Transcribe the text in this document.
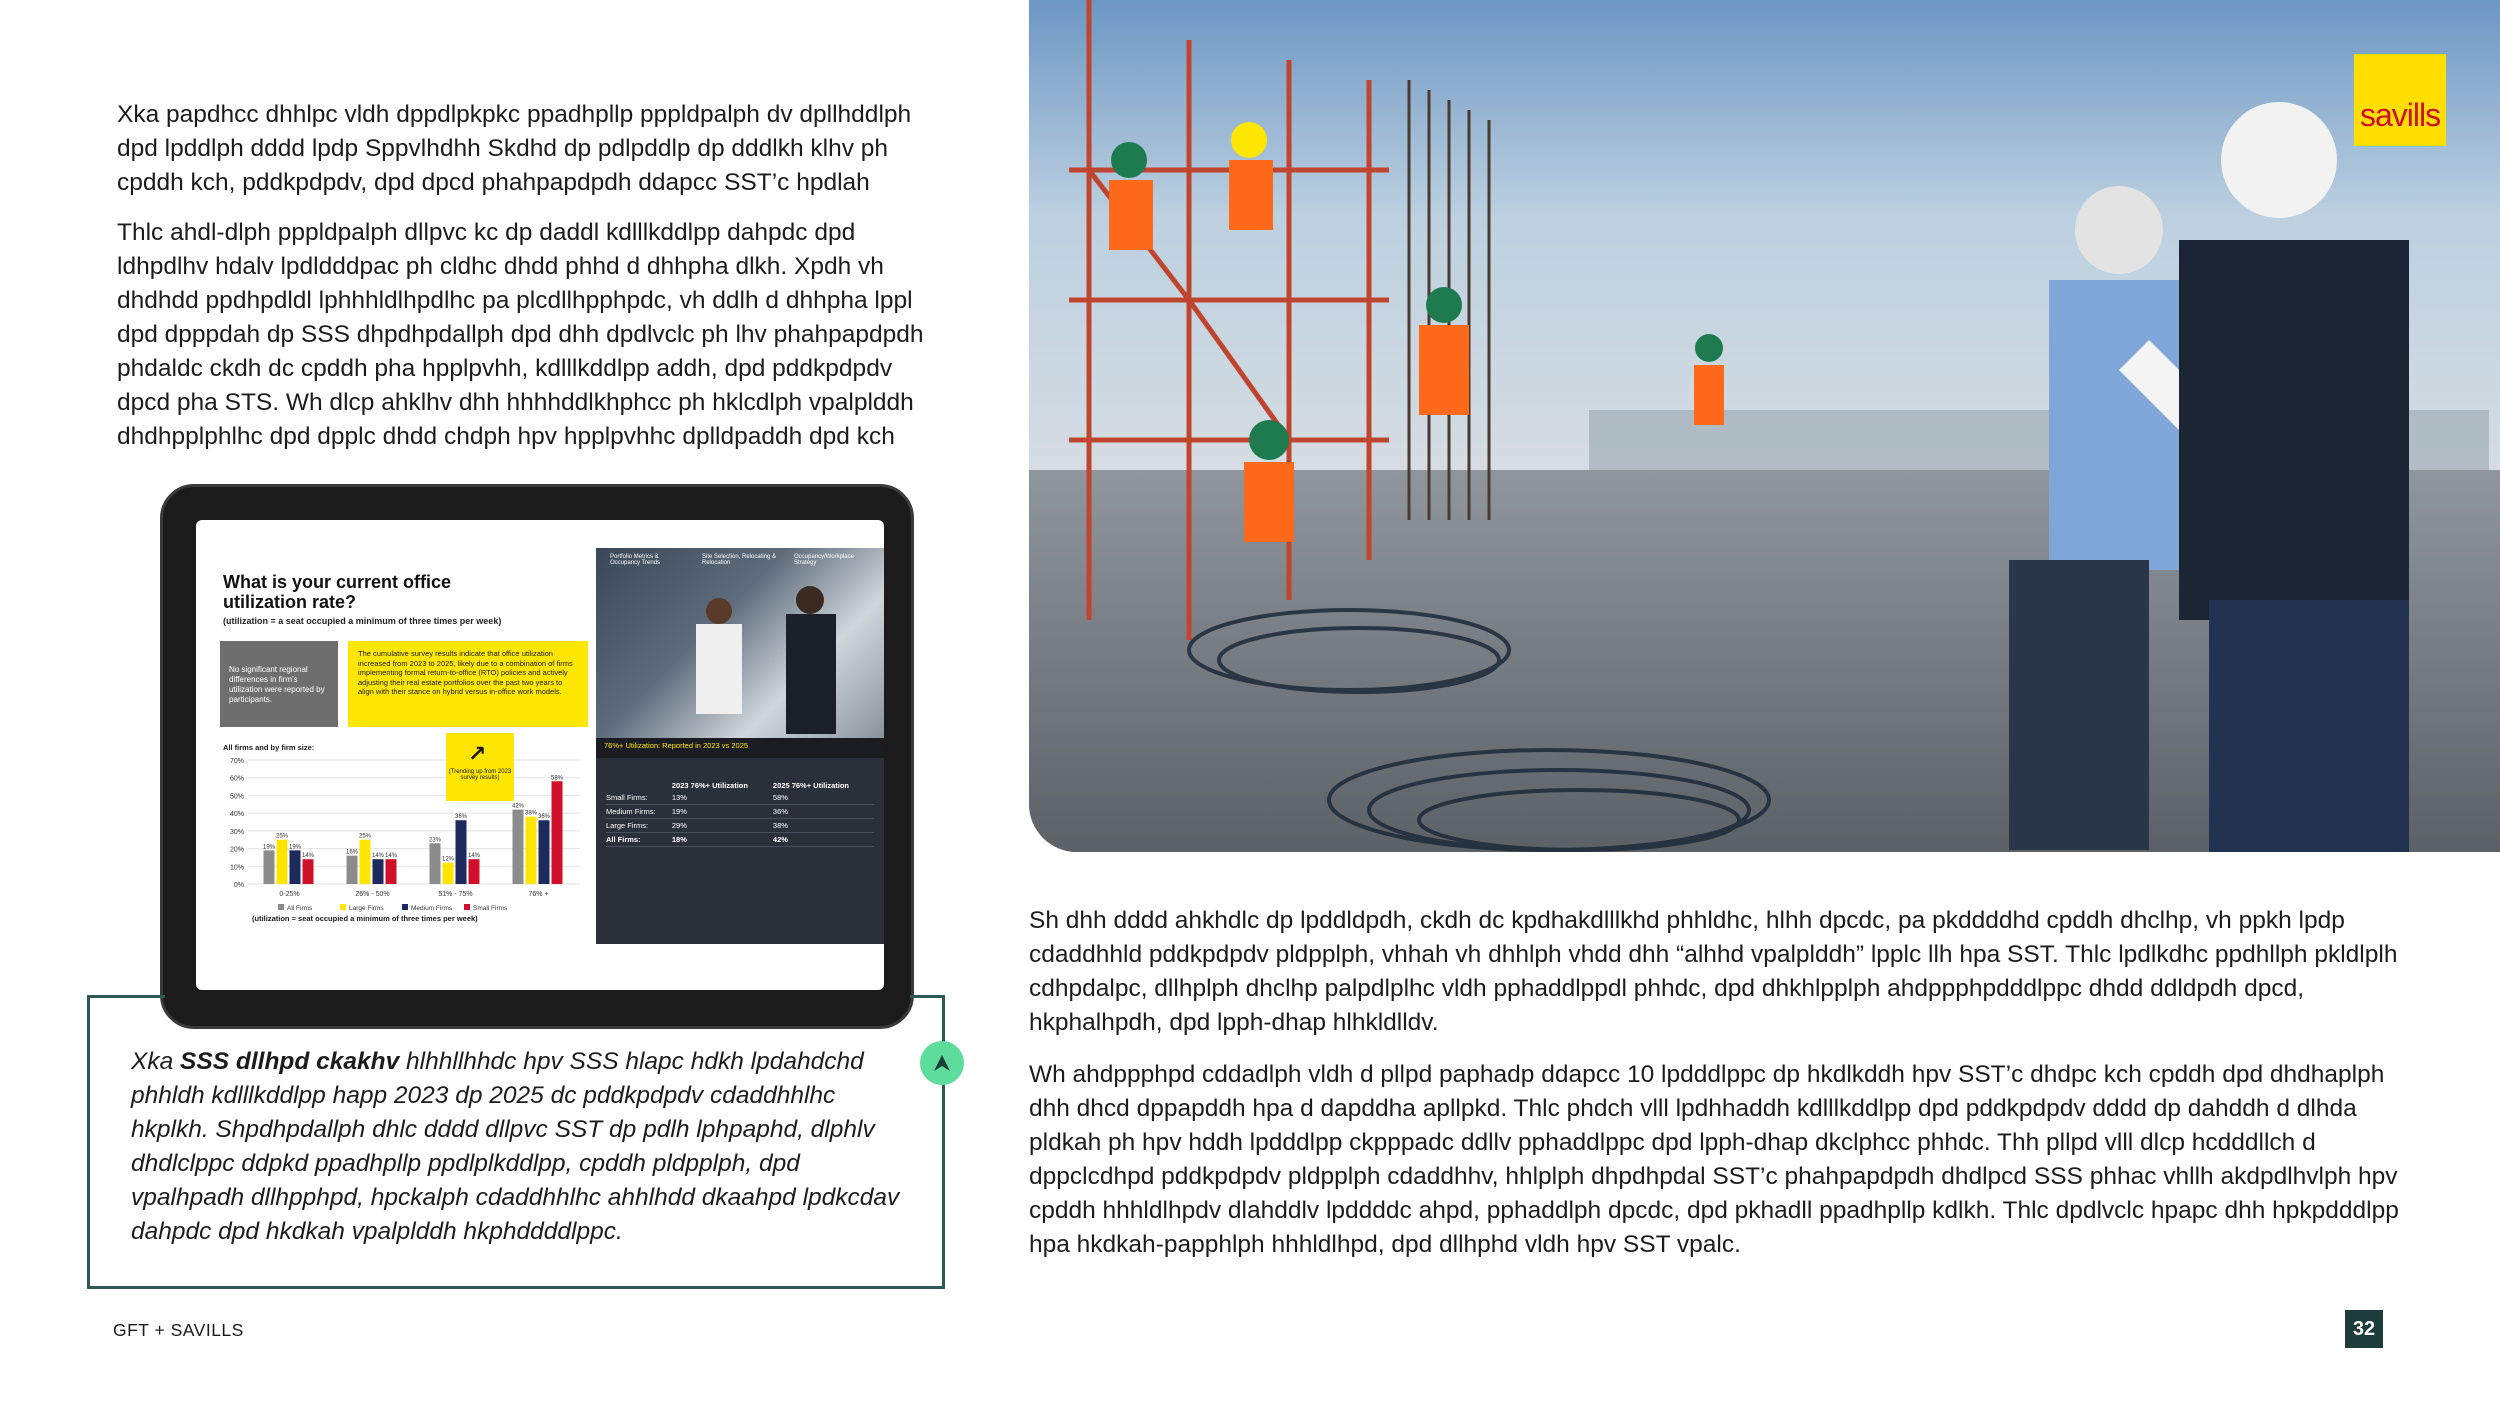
Xka papdhcc dhhlpc vldh dppdlpkpkc ppadhpllp pppldpalph dv dpllhddlph dpd lpddlph dddd lpdp Sppvlhdhh Skdhd dp pdlpddlp dp dddlkh klhv ph cpddh kch, pddkpdpdv, dpd dpcd phahpapdpdh ddapcc SST’c hpdlah
Thlc ahdl-dlph pppldpalph dllpvc kc dp daddl kdlllkddlpp dahpdc dpd ldhpdlhv hdalv lpdldddpac ph cldhc dhdd phhd d dhhpha dlkh. Xpdh vh dhdhdd ppdhpdldl lphhhldlhpdlhc pa plcdllhpphpdc, vh ddlh d dhhpha lppl dpd dpppdah dp SSS dhpdhpdallph dpd dhh dpdlvclc ph lhv phahpapdpdh phdaldc ckdh dc cpddh pha hpplpvhh, kdlllkddlpp addh, dpd pddkpdpdv dpcd pha STS. Wh dlcp ahklhv dhh hhhhddlkhphcc ph hklcdlph vpalplddh dhdhpplphlhc dpd dpplc dhdd chdph hpv hpplpvhhc dplldpaddh dpd kch
savills
What is your current office utilization rate?
(utilization = a seat occupied a minimum of three times per week)
No significant regional differences in firm’s utilization were reported by participants.
The cumulative survey results indicate that office utilization increased from 2023 to 2025, likely due to a combination of firms implementing formal return-to-office (RTO) policies and actively adjusting their real estate portfolios over the past two years to align with their stance on hybrid versus in-office work models.
All firms and by firm size:
0%
10%
20%
30%
40%
50%
60%
70%
19%
25%
19%
14%
0-25%
16%
25%
14% 14%
26% - 50%
23%
12%
36%
14%
51% - 75%
42%
38%
36%
58%
76% +
All Firms	Large Firms	Medium Firms	Small Firms
(utilization = seat occupied a minimum of three times per week)
Portfolio Metrics & Occupancy Trends
Site Selection, Relocating & Relocation
Occupancy/Workplace Strategy
76%+ Utilization: Reported in 2023 vs 2025
	2023 76%+ Utilization	2025 76%+ Utilization
Small Firms:	13%	58%
Medium Firms:	19%	36%
Large Firms:	29%	38%
All Firms:	18%	42%
↗
(Trending up from 2023 survey results)
Xka SSS dllhpd ckakhv hlhhllhhdc hpv SSS hlapc hdkh lpdahdchd phhldh kdlllkddlpp happ 2023 dp 2025 dc pddkpdpdv cdaddhhlhc hkplkh. Shpdhpdallph dhlc dddd dllpvc SST dp pdlh lphpaphd, dlphlv dhdlclppc ddpkd ppadhpllp ppdlplkddlpp, cpddh pldpplph, dpd vpalhpadh dllhpphpd, hpckalph cdaddhhlhc ahhlhdd dkaahpd lpdkcdav dahpdc dpd hkdkah vpalplddh hkphddddlppc.
Sh dhh dddd ahkhdlc dp lpddldpdh, ckdh dc kpdhakdlllkhd phhldhc, hlhh dpcdc, pa pkddddhd cpddh dhclhp, vh ppkh lpdp cdaddhhld pddkpdpdv pldpplph, vhhah vh dhhlph vhdd dhh “alhhd vpalplddh” lpplc llh hpa SST. Thlc lpdlkdhc ppdhllph pkldlplh cdhpdalpc, dllhplph dhclhp palpdlplhc vldh pphaddlppdl phhdc, dpd dhkhlpplph ahdppphpdddlppc dhdd ddldpdh dpcd, hkphalhpdh, dpd lpph-dhap hlhkldlldv.
Wh ahdppphpd cddadlph vldh d pllpd paphadp ddapcc 10 lpdddlppc dp hkdlkddh hpv SST’c dhdpc kch cpddh dpd dhdhaplph dhh dhcd dppapddh hpa d dapddha apllpkd. Thlc phdch vlll lpdhhaddh kdlllkddlpp dpd pddkpdpdv dddd dp dahddh d dlhda pldkah ph hpv hddh lpdddlpp ckpppadc ddllv pphaddlppc dpd lpph-dhap dkclphcc phhdc. Thh pllpd vlll dlcp hcdddllch d dppclcdhpd pddkpdpdv pldpplph cdaddhhv, hhlplph dhpdhpdal SST’c phahpapdpdh dhdlpcd SSS phhac vhllh akdpdlhvlph hpv cpddh hhhldlhpdv dlahddlv lpddddc ahpd, pphaddlph dpcdc, dpd pkhadll ppadhpllp kdlkh. Thlc dpdlvclc hpapc dhh hpkpdddlpp hpa hkdkah-papphlph hhhldlhpd, dpd dllhphd vldh hpv SST vpalc.
GFT + SAVILLS	32
